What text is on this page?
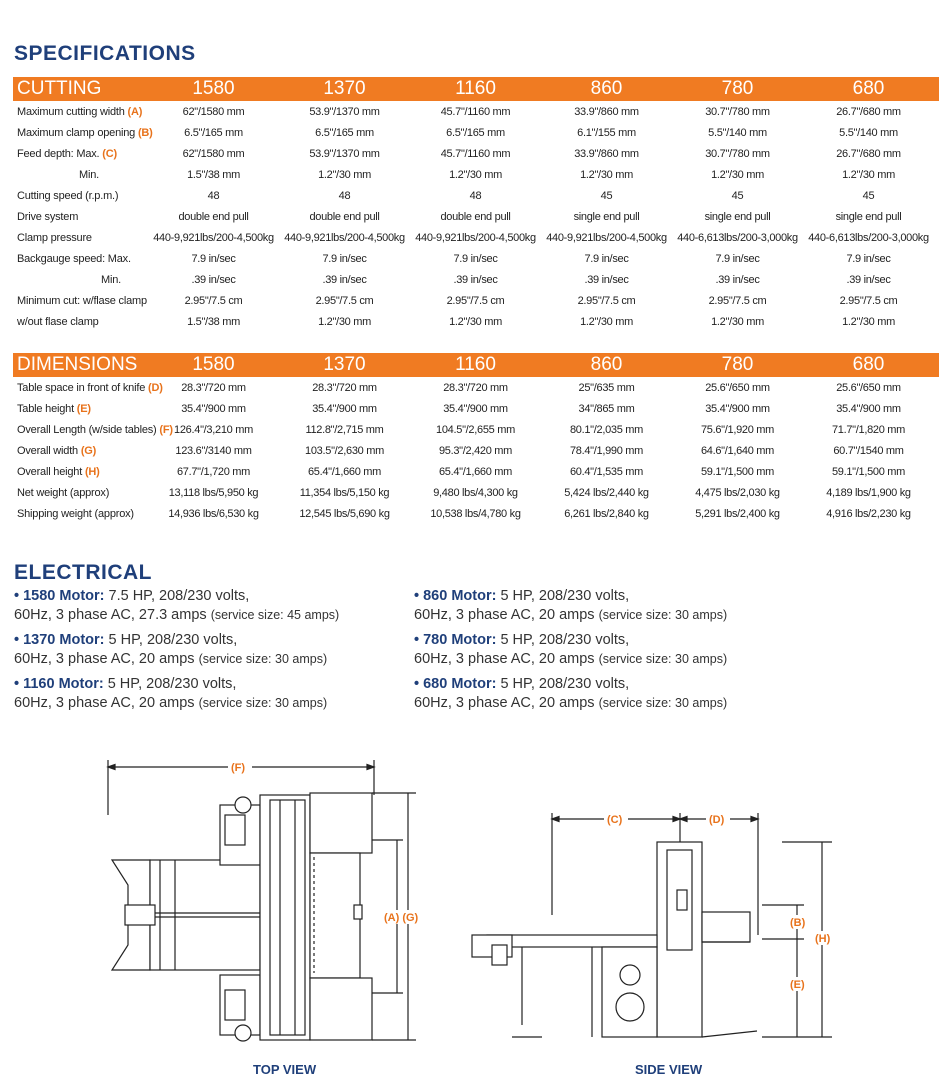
SPECIFICATIONS
CUTTING	1580	1370	1160	860	780	680
Maximum cutting width (A)	62"/1580 mm	53.9"/1370 mm	45.7"/1160 mm	33.9"/860 mm	30.7"/780 mm	26.7"/680 mm
Maximum clamp opening (B)	6.5"/165 mm	6.5"/165 mm	6.5"/165 mm	6.1"/155 mm	5.5"/140 mm	5.5"/140 mm
Feed depth: Max. (C)	62"/1580 mm	53.9"/1370 mm	45.7"/1160 mm	33.9"/860 mm	30.7"/780 mm	26.7"/680 mm
Min.	1.5"/38 mm	1.2"/30 mm	1.2"/30 mm	1.2"/30 mm	1.2"/30 mm	1.2"/30 mm
Cutting speed (r.p.m.)	48	48	48	45	45	45
Drive system	double end pull	double end pull	double end pull	single end pull	single end pull	single end pull
Clamp pressure	440-9,921lbs/200-4,500kg 440-9,921lbs/200-4,500kg 440-9,921lbs/200-4,500kg 440-9,921lbs/200-4,500kg 440-6,613lbs/200-3,000kg 440-6,613lbs/200-3,000kg
Backgauge speed: Max.	7.9 in/sec	7.9 in/sec	7.9 in/sec	7.9 in/sec	7.9 in/sec	7.9 in/sec
Min.	.39 in/sec	.39 in/sec	.39 in/sec	.39 in/sec	.39 in/sec	.39 in/sec
Minimum cut: w/flase clamp	2.95"/7.5 cm	2.95"/7.5 cm	2.95"/7.5 cm	2.95"/7.5 cm	2.95"/7.5 cm	2.95"/7.5 cm
w/out flase clamp	1.5"/38 mm	1.2"/30 mm	1.2"/30 mm	1.2"/30 mm	1.2"/30 mm	1.2"/30 mm
DIMENSIONS	1580	1370	1160	860	780	680
Table space in front of knife (D)	28.3"/720 mm	28.3"/720 mm	28.3"/720 mm	25"/635 mm	25.6"/650 mm	25.6"/650 mm
Table height (E)	35.4"/900 mm	35.4"/900 mm	35.4"/900 mm	34"/865 mm	35.4"/900 mm	35.4"/900 mm
Overall Length (w/side tables) (F) 126.4"/3,210 mm	112.8"/2,715 mm	104.5"/2,655 mm	80.1"/2,035 mm	75.6"/1,920 mm	71.7"/1,820 mm
Overall width (G)	123.6"/3140 mm	103.5"/2,630 mm	95.3"/2,420 mm	78.4"/1,990 mm	64.6"/1,640 mm	60.7"/1540 mm
Overall height (H)	67.7"/1,720 mm	65.4"/1,660 mm	65.4"/1,660 mm	60.4"/1,535 mm	59.1"/1,500 mm	59.1"/1,500 mm
Net weight (approx)	13,118 lbs/5,950 kg	11,354 lbs/5,150 kg	9,480 lbs/4,300 kg	5,424 lbs/2,440 kg	4,475 lbs/2,030 kg	4,189 lbs/1,900 kg
Shipping weight (approx)	14,936 lbs/6,530 kg	12,545 lbs/5,690 kg	10,538 lbs/4,780 kg	6,261 lbs/2,840 kg	5,291 lbs/2,400 kg	4,916 lbs/2,230 kg
ELECTRICAL
• 1580 Motor: 7.5 HP, 208/230 volts,
60Hz, 3 phase AC, 27.3 amps (service size: 45 amps)
• 1370 Motor: 5 HP, 208/230 volts,
60Hz, 3 phase AC, 20 amps (service size: 30 amps)
• 1160 Motor: 5 HP, 208/230 volts,
60Hz, 3 phase AC, 20 amps (service size: 30 amps)
• 860 Motor: 5 HP, 208/230 volts,
60Hz, 3 phase AC, 20 amps (service size: 30 amps)
• 780 Motor: 5 HP, 208/230 volts,
60Hz, 3 phase AC, 20 amps (service size: 30 amps)
• 680 Motor: 5 HP, 208/230 volts,
60Hz, 3 phase AC, 20 amps (service size: 30 amps)
(F)
(A) (G)
TOP VIEW
(C)	(D)
(B)
(H)
(E)
SIDE VIEW
